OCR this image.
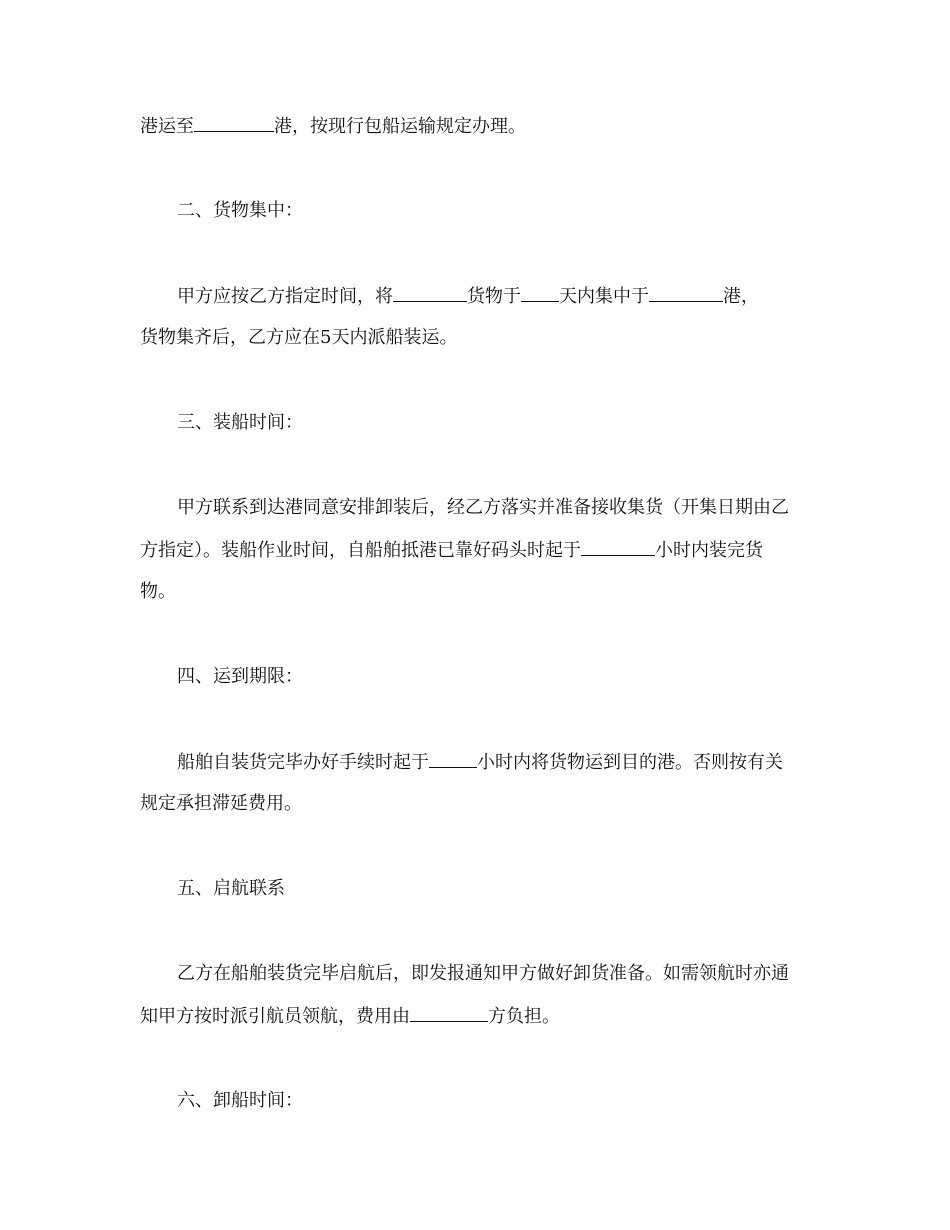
港运至	港，按现行包船运输规定办理。
二、货物集中：
甲方应按乙方指定时间，将	货物于 天内集中于	港，
货物集齐后，乙方应在5天内派船装运。
三、装船时间：
甲方联系到达港同意安排卸装后，经乙方落实并准备接收集货（开集日期由乙
方指定）。装船作业时间，自船舶抵港已靠好码头时起于	小时内装完货
物。
四、运到期限：
船舶自装货完毕办好手续时起于	小时内将货物运到目的港。否则按有关
规定承担滞延费用。
五、启航联系
乙方在船舶装货完毕启航后，即发报通知甲方做好卸货准备。如需领航时亦通
知甲方按时派引航员领航，费用由	方负担。
六、卸船时间：
